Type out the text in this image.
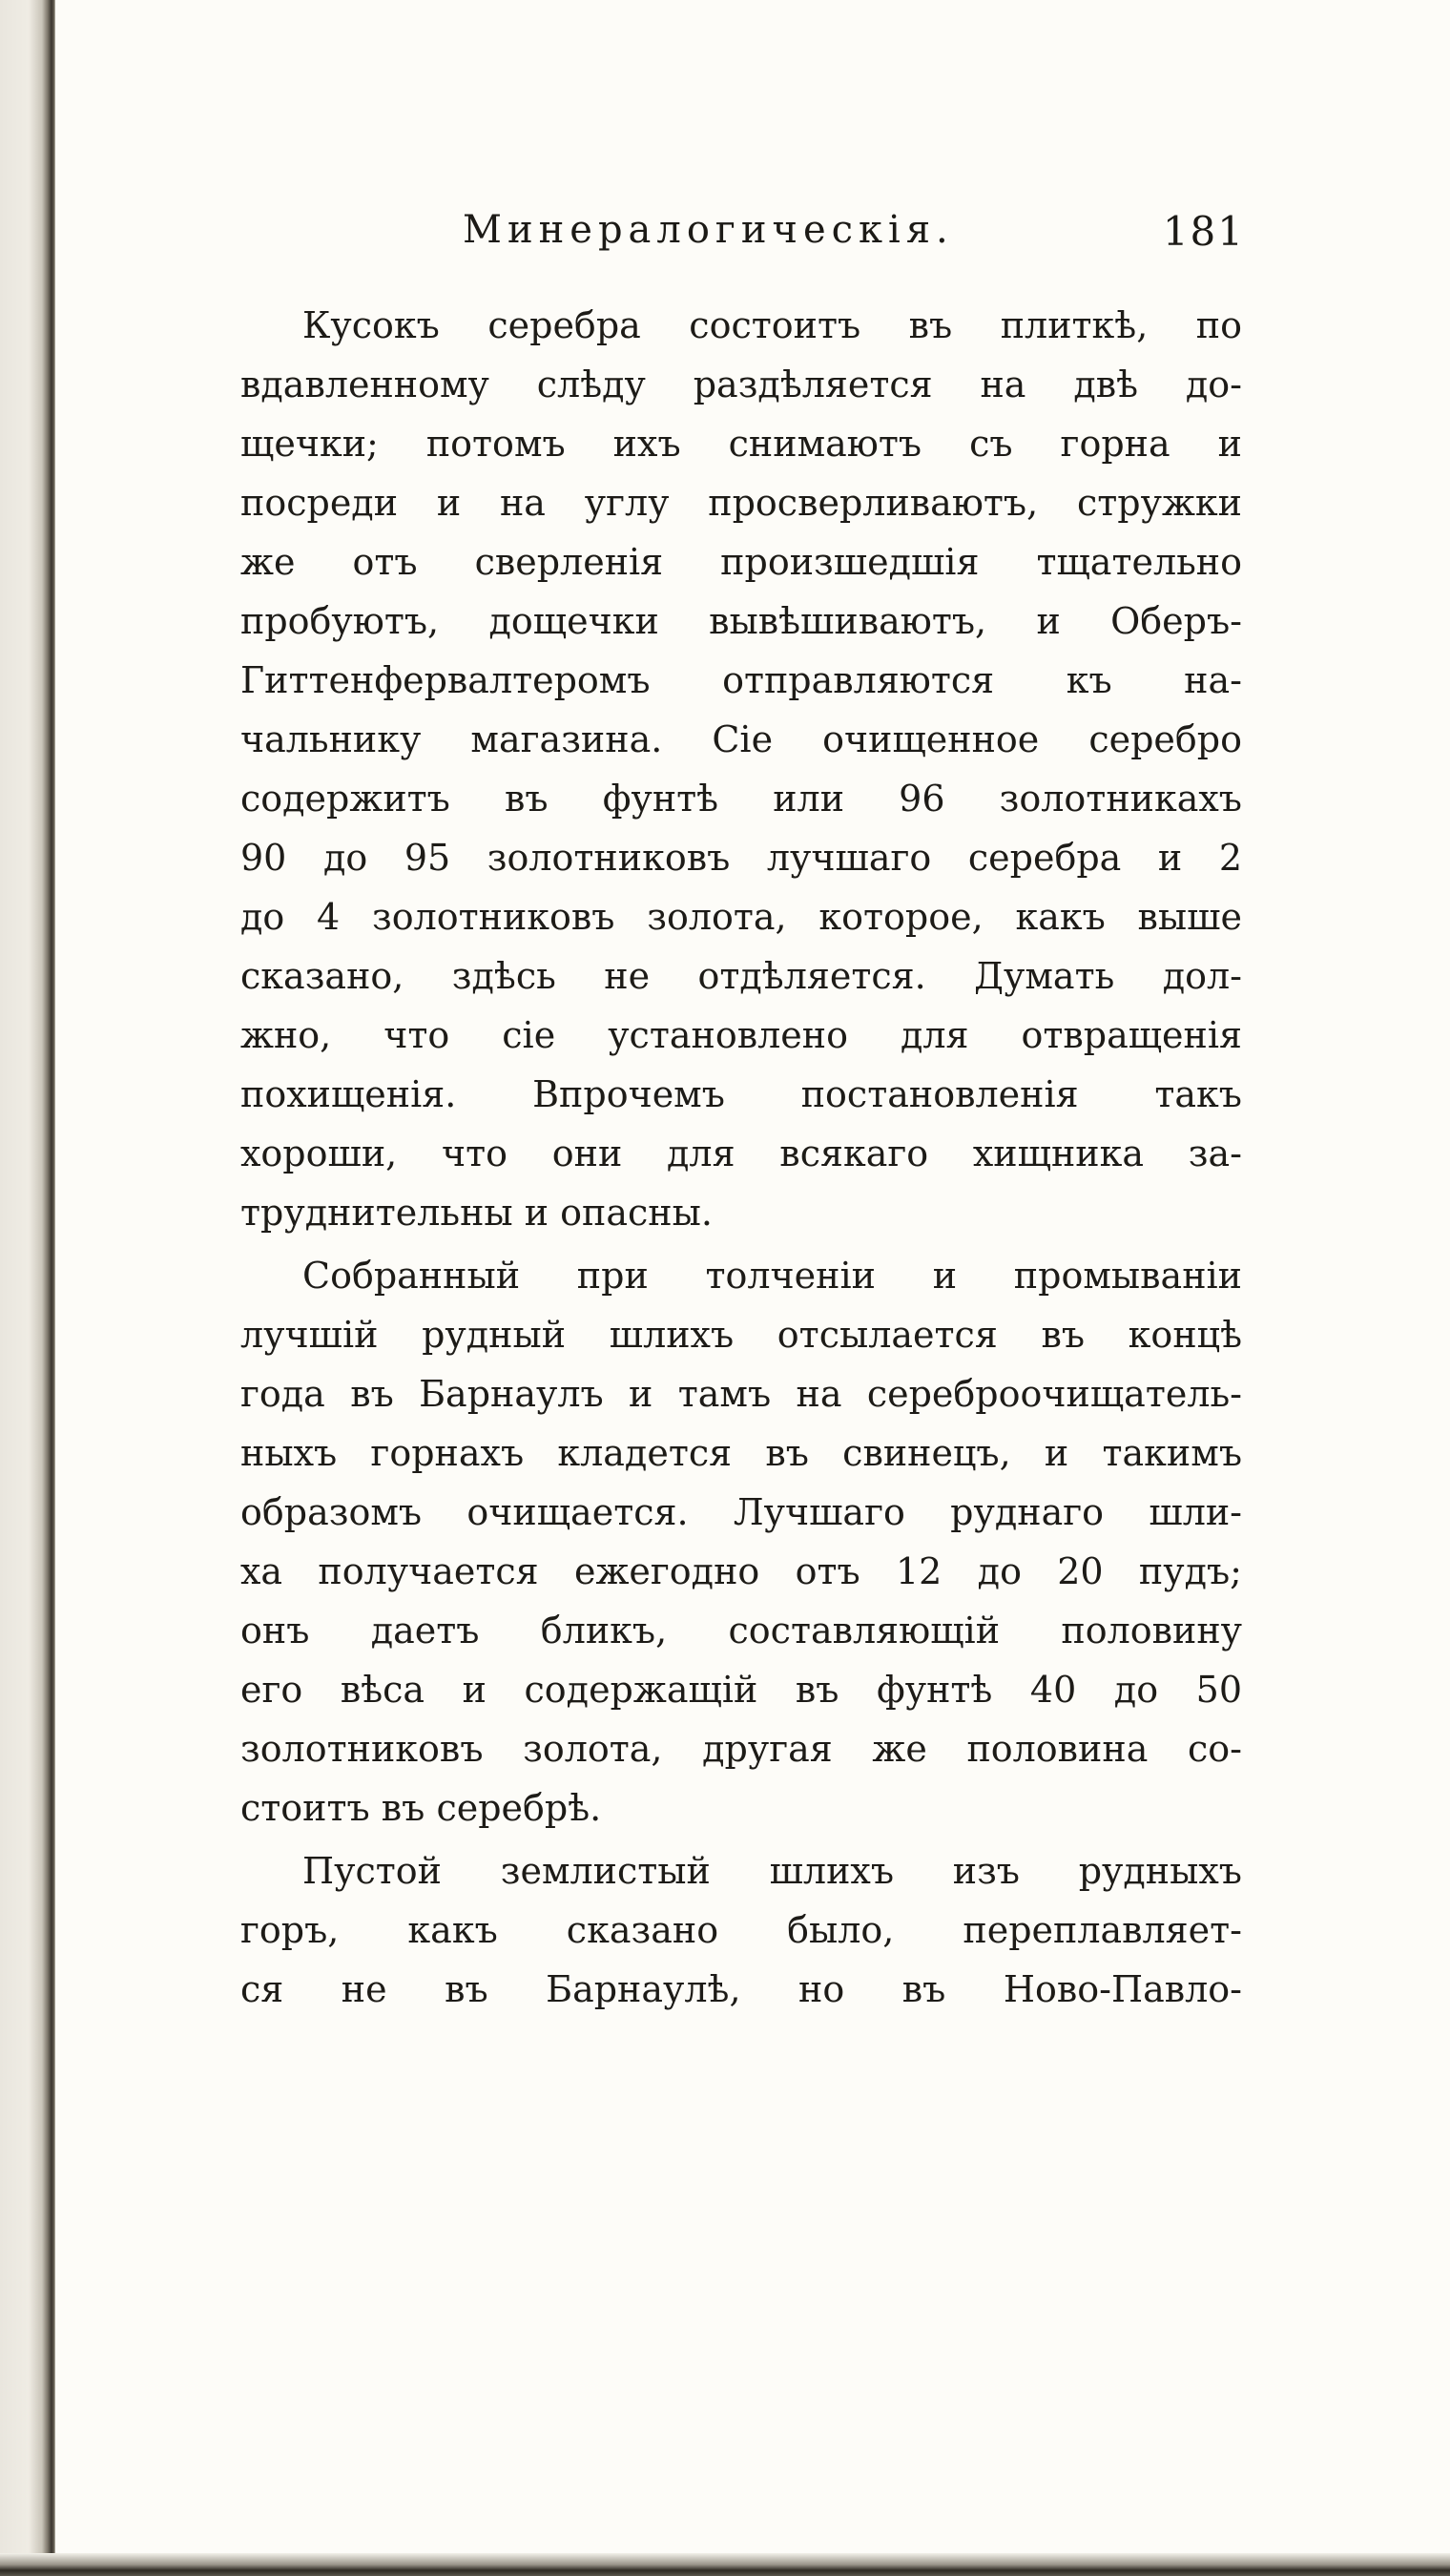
Минералогическія.	181
Кусокъ серебра состоитъ въ плиткѣ, по
вдавленному слѣду раздѣляется на двѣ до-
щечки; потомъ ихъ снимаютъ съ горна и
посреди и на углу просверливаютъ, стружки
же отъ сверленія произшедшія тщательно
пробуютъ, дощечки вывѣшиваютъ, и Оберъ-
Гиттенфервалтеромъ отправляются къ на-
чальнику магазина. Сіе очищенное серебро
содержитъ въ фунтѣ или 96 золотникахъ
90 до 95 золотниковъ лучшаго серебра и 2
до 4 золотниковъ золота, которое, какъ выше
сказано, здѣсь не отдѣляется. Думать дол-
жно, что сіе установлено для отвращенія
похищенія. Впрочемъ постановленія такъ
хороши, что они для всякаго хищника за-
труднительны и опасны.
Собранный при толченіи и промываніи
лучшій рудный шлихъ отсылается въ концѣ
года въ Барнаулъ и тамъ на сереброочищатель-
ныхъ горнахъ кладется въ свинецъ, и такимъ
образомъ очищается. Лучшаго руднаго шли-
ха получается ежегодно отъ 12 до 20 пудъ;
онъ даетъ бликъ, составляющій половину
его вѣса и содержащій въ фунтѣ 40 до 50
золотниковъ золота, другая же половина со-
стоитъ въ серебрѣ.
Пустой землистый шлихъ изъ рудныхъ
горъ, какъ сказано было, переплавляет-
ся не въ Барнаулѣ, но въ Ново-Павло-
